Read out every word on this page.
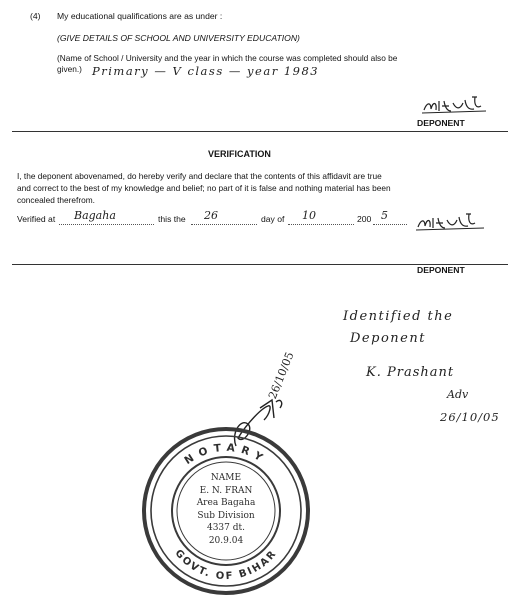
(4) My educational qualifications are as under :
(GIVE DETAILS OF SCHOOL AND UNIVERSITY EDUCATION)
(Name of School / University and the year in which the course was completed should also be
given.) Primary — V class — year 1983
DEPONENT
VERIFICATION
I, the deponent abovenamed, do hereby verify and declare that the contents of this affidavit are true
and correct to the best of my knowledge and belief; no part of it is false and nothing material has been
concealed therefrom.
Verified at Bagaha	this the 26	day of 10	200 5
DEPONENT
Identified the
Deponent
K. Prashant
Adv
26/10/05
26/10/05
NOTARY
GOVT. OF BIHAR
NAME
E. N. FRAN
Area Bagaha
Sub Division
4337 dt.
20.9.04
